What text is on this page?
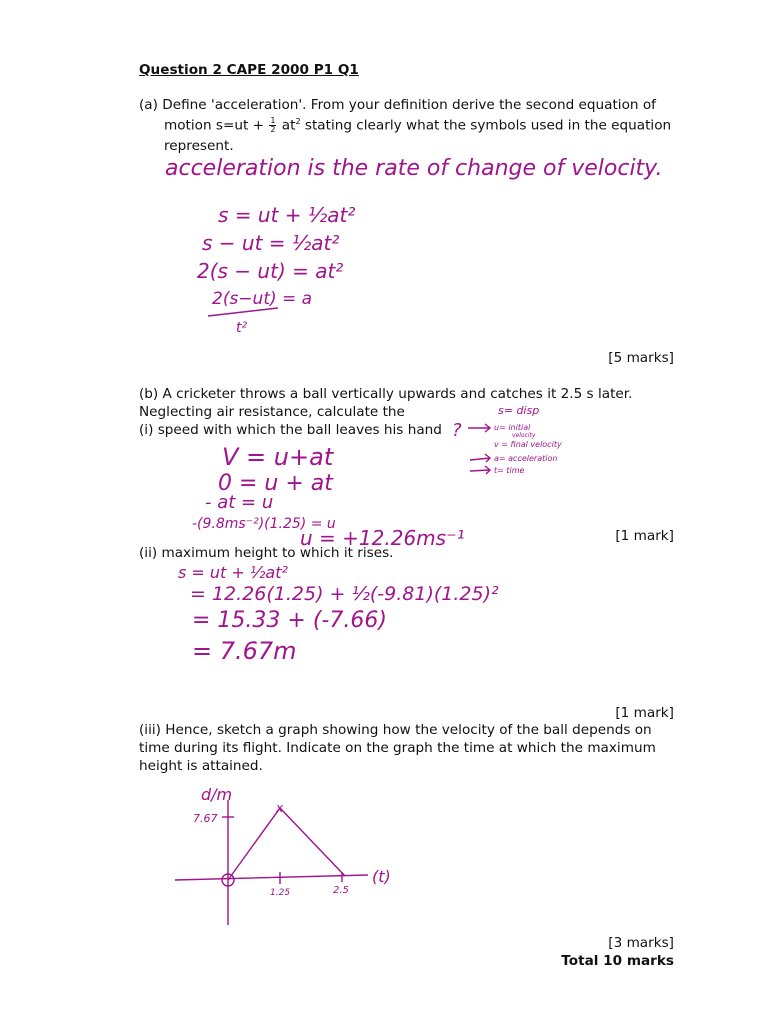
Question 2 CAPE 2000 P1 Q1
(a) Define 'acceleration'. From your definition derive the second equation of
motion $s=ut + \frac{1}{2} at^2$ stating clearly what the symbols used in the equation
represent.
[5 marks]
(b) A cricketer throws a ball vertically upwards and catches it 2.5 s later.
Neglecting air resistance, calculate the
(i) speed with which the ball leaves his hand
[1 mark]
(ii) maximum height to which it rises.
[1 mark]
(iii) Hence, sketch a graph showing how the velocity of the ball depends on
time during its flight. Indicate on the graph the time at which the maximum
height is attained.
[3 marks]
Total 10 marks
acceleration is the rate of change of velocity.
s = ut + ½at²
s − ut = ½at²
2(s − ut) = at²
2(s−ut) = a
t²
?
s= disp
u= initial
velocity
v = final velocity
a= acceleration
t= time
V = u+at
0 = u + at
- at = u
-(9.8ms⁻²)(1.25) = u
u = +12.26ms⁻¹
s = ut + ½at²
= 12.26(1.25) + ½(-9.81)(1.25)²
= 15.33 + (-7.66)
= 7.67m
d/m
(t)
7.67
x
1.25	2.5
